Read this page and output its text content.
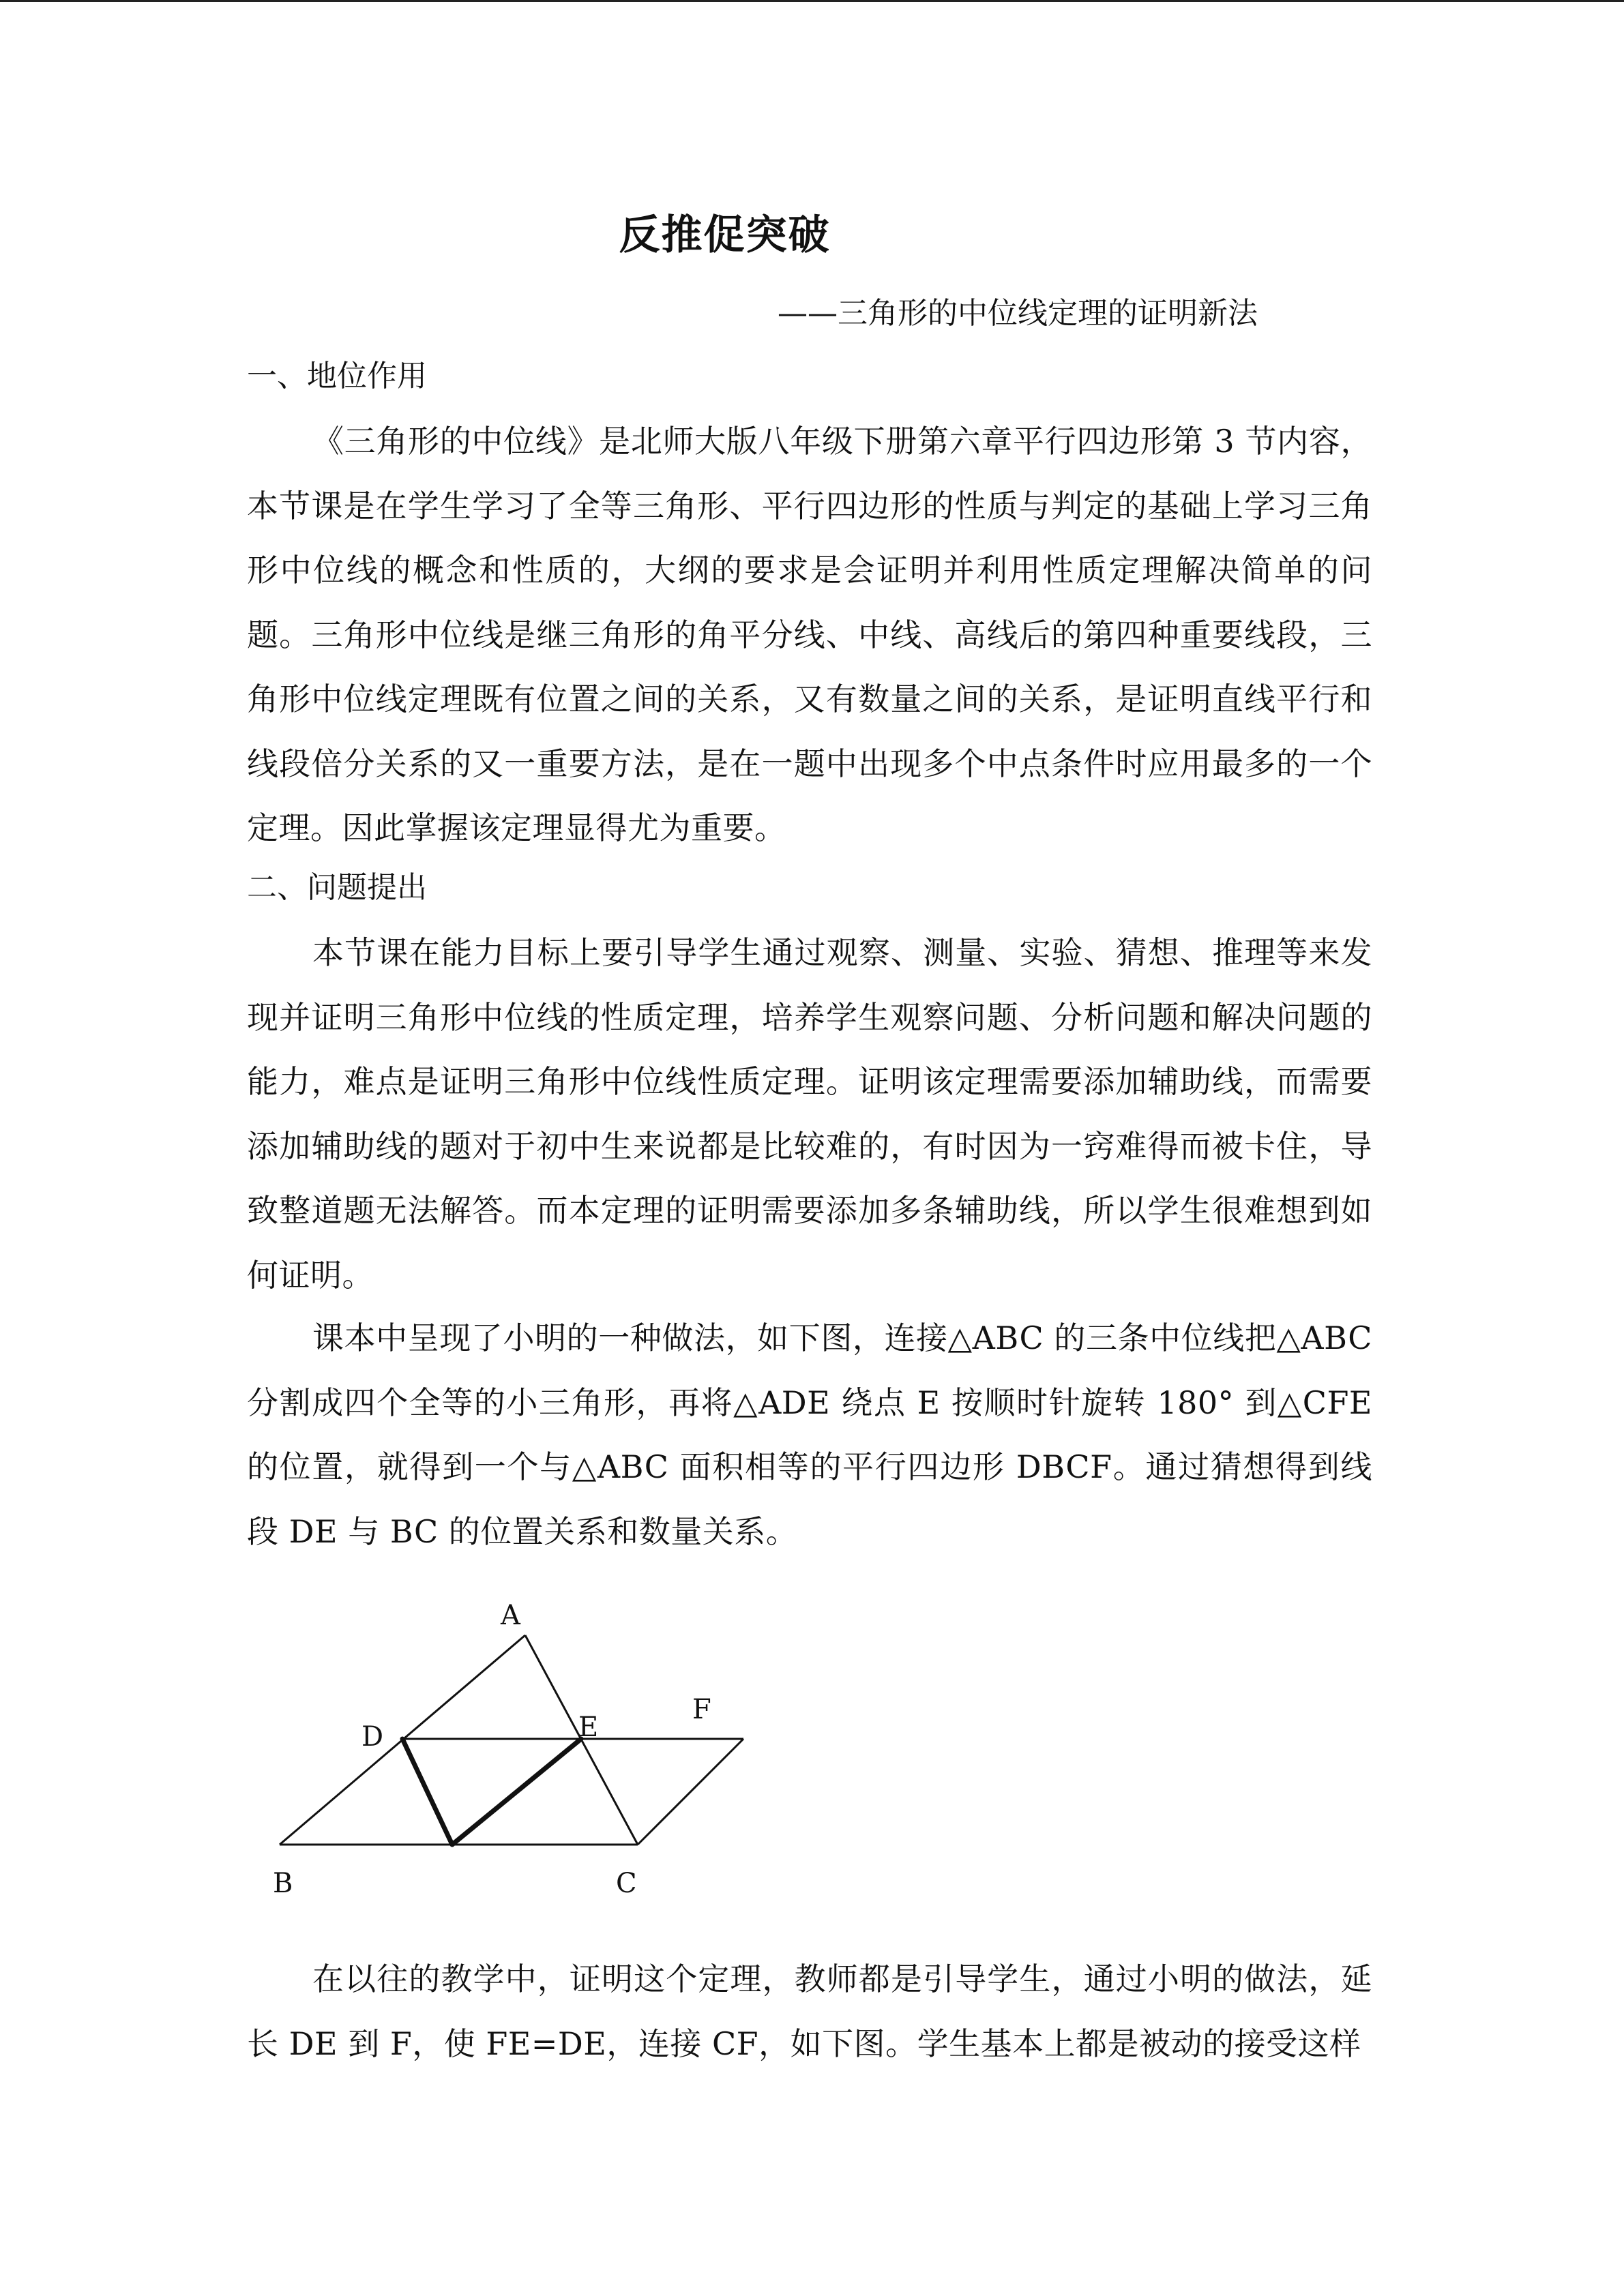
反推促突破
——三角形的中位线定理的证明新法
一、地位作用
《三角形的中位线》是北师大版八年级下册第六章平行四边形第 3 节内容，本节课是在学生学习了全等三角形、平行四边形的性质与判定的基础上学习三角形中位线的概念和性质的，大纲的要求是会证明并利用性质定理解决简单的问题。三角形中位线是继三角形的角平分线、中线、高线后的第四种重要线段，三角形中位线定理既有位置之间的关系，又有数量之间的关系，是证明直线平行和线段倍分关系的又一重要方法，是在一题中出现多个中点条件时应用最多的一个定理。因此掌握该定理显得尤为重要。
二、问题提出
本节课在能力目标上要引导学生通过观察、测量、实验、猜想、推理等来发现并证明三角形中位线的性质定理，培养学生观察问题、分析问题和解决问题的能力，难点是证明三角形中位线性质定理。证明该定理需要添加辅助线，而需要添加辅助线的题对于初中生来说都是比较难的，有时因为一窍难得而被卡住，导致整道题无法解答。而本定理的证明需要添加多条辅助线，所以学生很难想到如何证明。
课本中呈现了小明的一种做法，如下图，连接△ABC 的三条中位线把△ABC 分割成四个全等的小三角形，再将△ADE 绕点 E 按顺时针旋转 180° 到△CFE 的位置，就得到一个与△ABC 面积相等的平行四边形 DBCF。通过猜想得到线段 DE 与 BC 的位置关系和数量关系。
A
D	E
F
B	C
在以往的教学中，证明这个定理，教师都是引导学生，通过小明的做法，延长 DE 到 F，使 FE=DE，连接 CF，如下图。学生基本上都是被动的接受这样
